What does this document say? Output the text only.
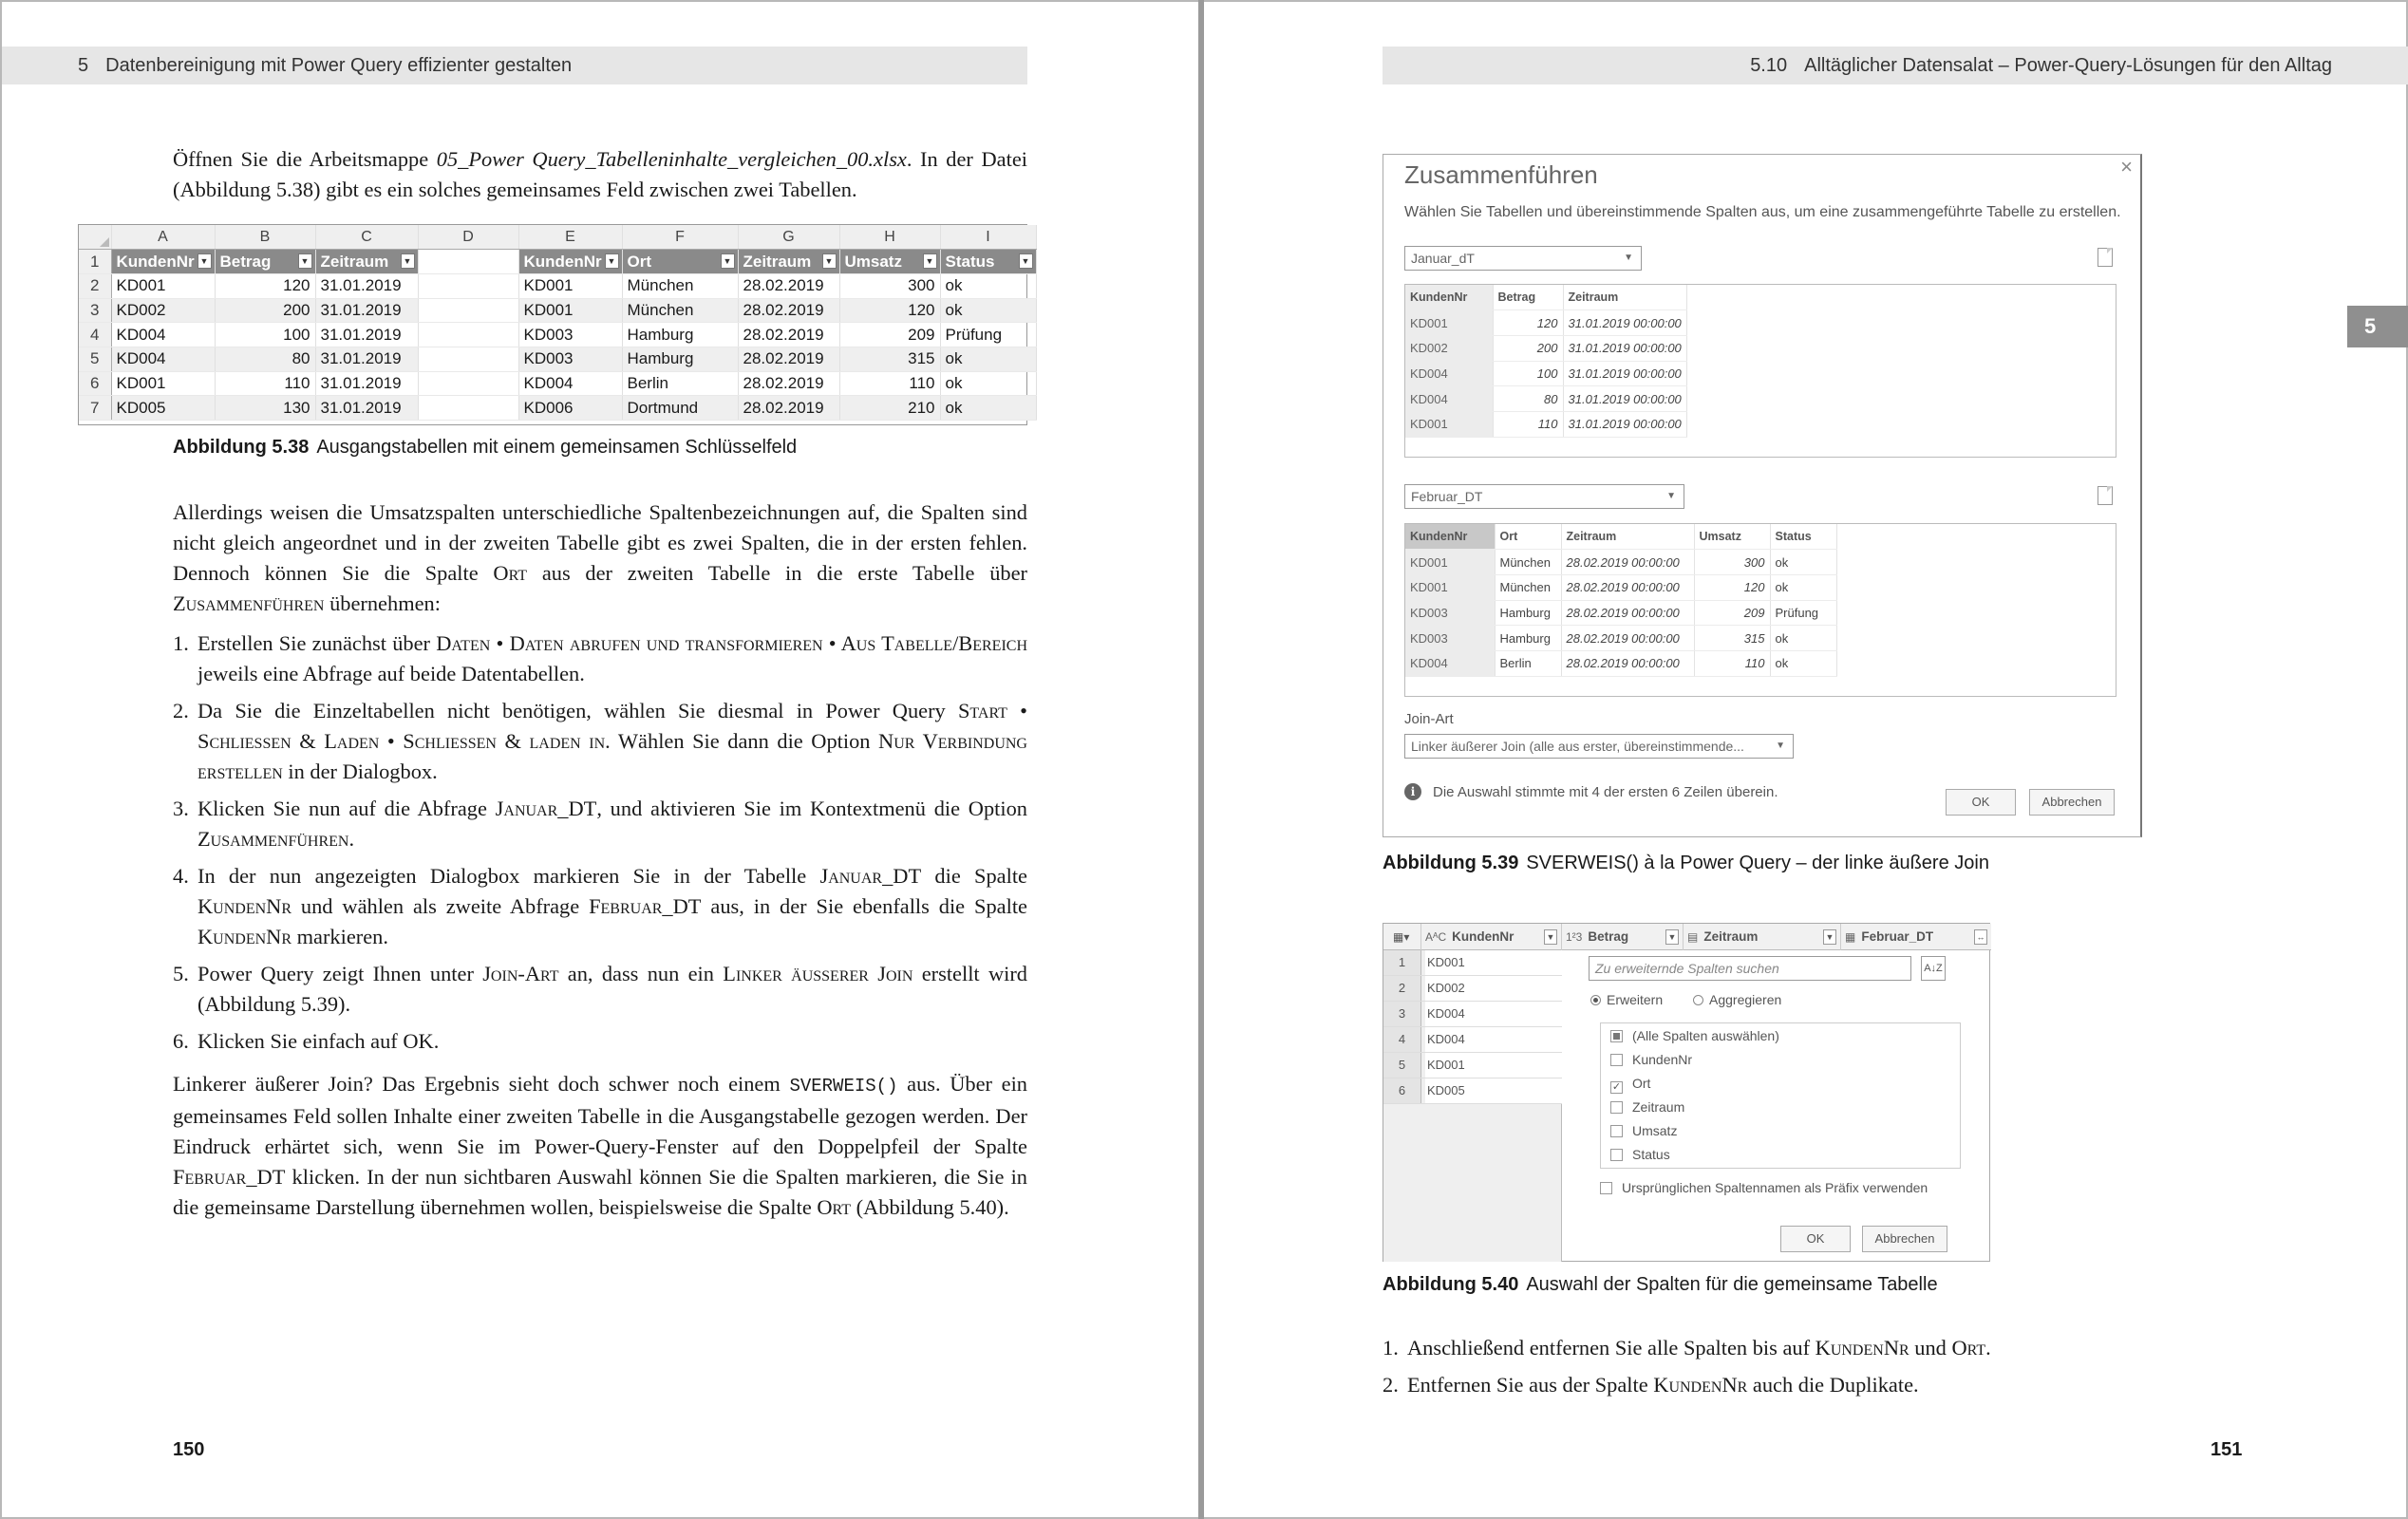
5 Datenbereinigung mit Power Query effizienter gestalten

Öffnen Sie die Arbeitsmappe 05_Power Query_Tabelleninhalte_vergleichen_00.xlsx. In der Datei (Abbildung 5.38) gibt es ein solches gemeinsames Feld zwischen zwei Tabellen.

	A	B	C	D	E	F	G	H	I
1	KundenNr ▼	Betrag ▼	Zeitraum ▼		KundenNr ▼	Ort ▼	Zeitraum ▼	Umsatz ▼	Status ▼

2	KD001	120	31.01.2019		KD001	München	28.02.2019	300	ok
3	KD002	200	31.01.2019		KD001	München	28.02.2019	120	ok
4	KD004	100	31.01.2019		KD003	Hamburg	28.02.2019	209	Prüfung
5	KD004	80	31.01.2019		KD003	Hamburg	28.02.2019	315	ok
6	KD001	110	31.01.2019		KD004	Berlin	28.02.2019	110	ok
7	KD005	130	31.01.2019		KD006	Dortmund	28.02.2019	210	ok

Abbildung 5.38 Ausgangstabellen mit einem gemeinsamen Schlüsselfeld

Allerdings weisen die Umsatzspalten unterschiedliche Spaltenbezeichnungen auf, die Spalten sind nicht gleich angeordnet und in der zweiten Tabelle gibt es zwei Spalten, die in der ersten fehlen. Dennoch können Sie die Spalte Ort aus der zweiten Tabelle in die erste Tabelle über Zusammenführen übernehmen:

1. Erstellen Sie zunächst über Daten • Daten abrufen und transformieren • Aus Tabelle/Bereich jeweils eine Abfrage auf beide Datentabellen.
2. Da Sie die Einzeltabellen nicht benötigen, wählen Sie diesmal in Power Query Start • Schliessen & Laden • Schliessen & laden in. Wählen Sie dann die Option Nur Verbindung erstellen in der Dialogbox.
3. Klicken Sie nun auf die Abfrage Januar_DT, und aktivieren Sie im Kontextmenü die Option Zusammenführen.
4. In der nun angezeigten Dialogbox markieren Sie in der Tabelle Januar_DT die Spalte KundenNr und wählen als zweite Abfrage Februar_DT aus, in der Sie ebenfalls die Spalte KundenNr markieren.
5. Power Query zeigt Ihnen unter Join-Art an, dass nun ein Linker äusserer Join erstellt wird (Abbildung 5.39).
6. Klicken Sie einfach auf OK.

Linkerer äußerer Join? Das Ergebnis sieht doch schwer noch einem SVERWEIS() aus. Über ein gemeinsames Feld sollen Inhalte einer zweiten Tabelle in die Ausgangstabelle gezogen werden. Der Eindruck erhärtet sich, wenn Sie im Power-Query-Fenster auf den Doppelpfeil der Spalte Februar_DT klicken. In der nun sichtbaren Auswahl können Sie die Spalten markieren, die Sie in die gemeinsame Darstellung übernehmen wollen, beispielsweise die Spalte Ort (Abbildung 5.40).

150
5.10 Alltäglicher Datensalat – Power-Query-Lösungen für den Alltag
Zusammenführen	×
Wählen Sie Tabellen und übereinstimmende Spalten aus, um eine zusammengeführte Tabelle zu erstellen.
Januar_dT	▼
KundenNr	Betrag	Zeitraum
KD001	120	31.01.2019 00:00:00
KD002	200	31.01.2019 00:00:00
KD004	100	31.01.2019 00:00:00
KD004	80	31.01.2019 00:00:00
KD001	110	31.01.2019 00:00:00
Februar_DT	▼
KundenNr	Ort	Zeitraum	Umsatz	Status
KD001	München	28.02.2019 00:00:00	300	ok
KD001	München	28.02.2019 00:00:00	120	ok
KD003	Hamburg	28.02.2019 00:00:00	209	Prüfung
KD003	Hamburg	28.02.2019 00:00:00	315	ok
KD004	Berlin	28.02.2019 00:00:00	110	ok
Join-Art
Linker äußerer Join (alle aus erster, übereinstimmende...	▼
i	Die Auswahl stimmte mit 4 der ersten 6 Zeilen überein.
OK	Abbrechen

Abbildung 5.39 SVERWEIS() à la Power Query – der linke äußere Join

5
▦▾	AᴬC KundenNr	▼ 1²3 Betrag	▼ ▤ Zeitraum	▼ ▦ Februar_DT	↔
1	KD001
2	KD002
3	KD004
4	KD004
5	KD001
6	KD005
Zu erweiternde Spalten suchen	A↓Z
Erweitern	Aggregieren
(Alle Spalten auswählen)
KundenNr
✓ Ort
Zeitraum
Umsatz
Status
Ursprünglichen Spaltennamen als Präfix verwenden
OK	Abbrechen

Abbildung 5.40 Auswahl der Spalten für die gemeinsame Tabelle

1. Anschließend entfernen Sie alle Spalten bis auf KundenNr und Ort.
2. Entfernen Sie aus der Spalte KundenNr auch die Duplikate.
151
